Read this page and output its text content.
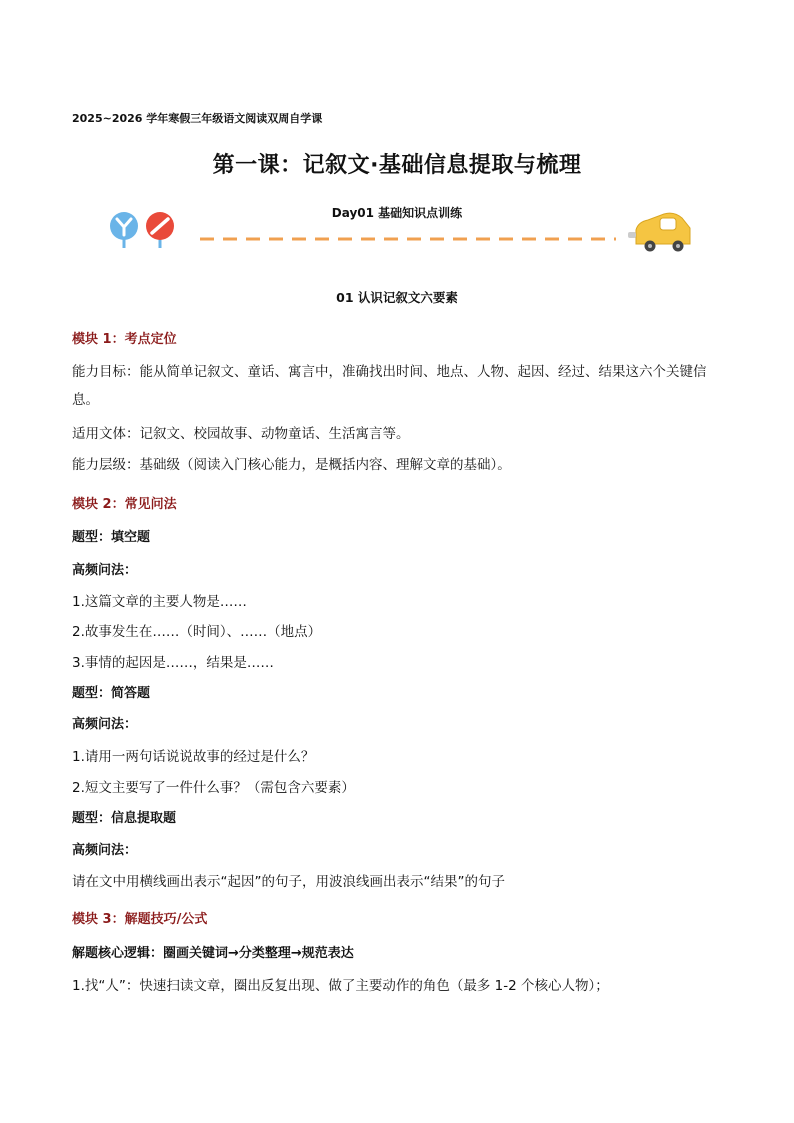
2025~2026 学年寒假三年级语文阅读双周自学课
第一课：记叙文·基础信息提取与梳理
Day01 基础知识点训练
01 认识记叙文六要素
模块 1：考点定位
能力目标：能从简单记叙文、童话、寓言中，准确找出时间、地点、人物、起因、经过、结果这六个关键信息。
适用文体：记叙文、校园故事、动物童话、生活寓言等。
能力层级：基础级（阅读入门核心能力，是概括内容、理解文章的基础）。
模块 2：常见问法
题型：填空题
高频问法：
1.这篇文章的主要人物是……
2.故事发生在……（时间）、……（地点）
3.事情的起因是……，结果是……
题型：简答题
高频问法：
1.请用一两句话说说故事的经过是什么？
2.短文主要写了一件什么事？（需包含六要素）
题型：信息提取题
高频问法：
请在文中用横线画出表示“起因”的句子，用波浪线画出表示“结果”的句子
模块 3：解题技巧/公式
解题核心逻辑：圈画关键词→分类整理→规范表达
1.找“人”：快速扫读文章，圈出反复出现、做了主要动作的角色（最多 1-2 个核心人物）；
